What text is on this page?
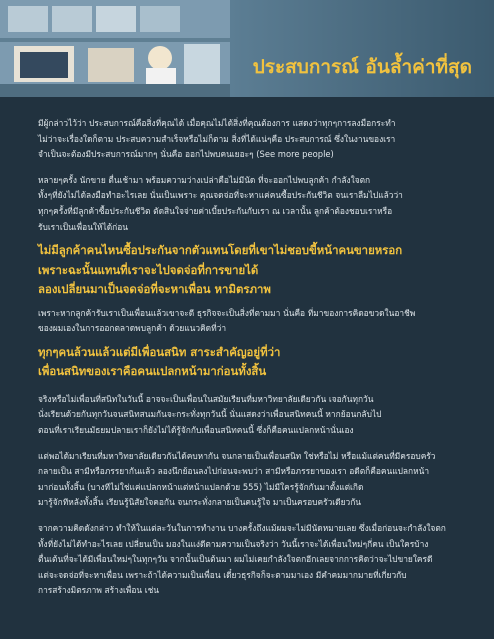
ประสบการณ์ อันล้ำค่าที่สุด

มีผู้กล่าวไว้ว่า ประสบการณ์คือสิ่งที่คุณได้ เมื่อคุณไม่ได้สิ่งที่คุณต้องการ แสดงว่าทุกๆการลงมือกระทำ
ไม่ว่าจะเรื่องใดก็ตาม ประสบความสำเร็จหรือไม่ก็ตาม สิ่งที่ได้แน่ๆคือ ประสบการณ์ ซึ่งในงานของเรา
จำเป็นจะต้องมีประสบการณ์มากๆ นั่นคือ ออกไปพบคนเยอะๆ (See more people)

หลายๆครั้ง นักขาย ตื่นเช้ามา พร้อมความว่างเปล่าคือไม่มีนัด ที่จะออกไปพบลูกค้า กำลังใจตก
ทั้งๆที่ยังไม่ได้ลงมือทำอะไรเลย นั่นเป็นเพราะ คุณจดจ่อที่จะหาแค่คนซื้อประกันชีวิต จนเราลืมไปแล้วว่า
ทุกๆครั้งที่มีลูกค้าซื้อประกันชีวิต ตัดสินใจจ่ายค่าเบี้ยประกันกับเรา ณ เวลานั้น ลูกค้าต้องชอบเราหรือ
รับเราเป็นเพื่อนให้ได้ก่อน

ไม่มีลูกค้าคนไหนซื้อประกันจากตัวแทนโดยที่เขาไม่ชอบขี้หน้าคนขายหรอก
เพราะฉะนั้นแทนที่เราจะไปจดจ่อที่การขายได้
ลองเปลี่ยนมาเป็นจดจ่อที่จะหาเพื่อน หามิตรภาพ

เพราะหากลูกค้ารับเราเป็นเพื่อนแล้วเขาจะดี ธุรกิจจะเป็นสิ่งที่ตามมา นั่นคือ ที่มาของการคิดอขวดในอาชีพ
ของผมเองในการออกตลาดพบลูกค้า ด้วยแนวคิดที่ว่า

ทุกๆคนล้วนแล้วแต่มีเพื่อนสนิท สาระสำคัญอยู่ที่ว่า
เพื่อนสนิทของเราคือคนแปลกหน้ามาก่อนทั้งสิ้น

จริงหรือไม่เพื่อนที่สนิทในวันนี้ อาจจะเป็นเพื่อนในสมัยเรียนที่มหาวิทยาลัยเดียวกัน เจอกันทุกวัน
นั่งเรียนด้วยกันทุกวันจนสนิทสนมกันจะกระทั่งทุกวันนี้ นั่นแสดงว่าเพื่อนสนิทคนนี้ หากย้อนกลับไป
ตอนที่เราเรียนมัธยมปลายเราก็ยังไม่ได้รู้จักกับเพื่อนสนิทคนนี้ ซึ่งก็คือคนแปลกหน้านั่นเอง

แต่พอได้มาเรียนที่มหาวิทยาลัยเดียวกันได้คบหากัน จนกลายเป็นเพื่อนสนิท ใช่หรือไม่ หรือแม้แต่คนที่มีครอบครัว
กลายเป็น สามีหรือภรรยากันแล้ว ลองนึกย้อนลงไปก่อนจะพบว่า สามีหรือภรรยาของเรา อดีตก็คือคนแปลกหน้า
มาก่อนทั้งสิ้น (บางทีไม่ใช่แค่แปลกหน้าแต่หน้าแปลกด้วย 555) ไม่มีใครรู้จักกันมาตั้งแต่เกิด
มารู้จักทีหลังทั้งสิ้น เรียนรู้นิสัยใจคอกัน จนกระทั่งกลายเป็นคนรู้ใจ มาเป็นครอบครัวเดียวกัน

จากความคิดดังกล่าว ทำให้ในแต่ละวันในการทำงาน บางครั้งถึงแม้ผมจะไม่มีนัดหมายเลย ซึ่งเมื่อก่อนจะกำลังใจตก
ทั้งที่ยังไม่ได้ทำอะไรเลย เปลี่ยนเป็น มองในแง่ดีตามความเป็นจริงว่า วันนี้เราจะได้เพื่อนใหม่ๆกี่คน เป็นใครบ้าง
ตื่นเต้นที่จะได้มีเพื่อนใหม่ๆในทุกๆวัน จากนั้นเป็นต้นมา ผมไม่เคยกำลังใจตกอีกเลยจากการคิดว่าจะไปขายใครดี
แต่จะจดจ่อที่จะหาเพื่อน เพราะถ้าได้ความเป็นเพื่อน เดี๋ยวธุรกิจก็จะตามมาเอง มีคำคมมากมายที่เกี่ยวกับ
การสร้างมิตรภาพ สร้างเพื่อน เช่น
